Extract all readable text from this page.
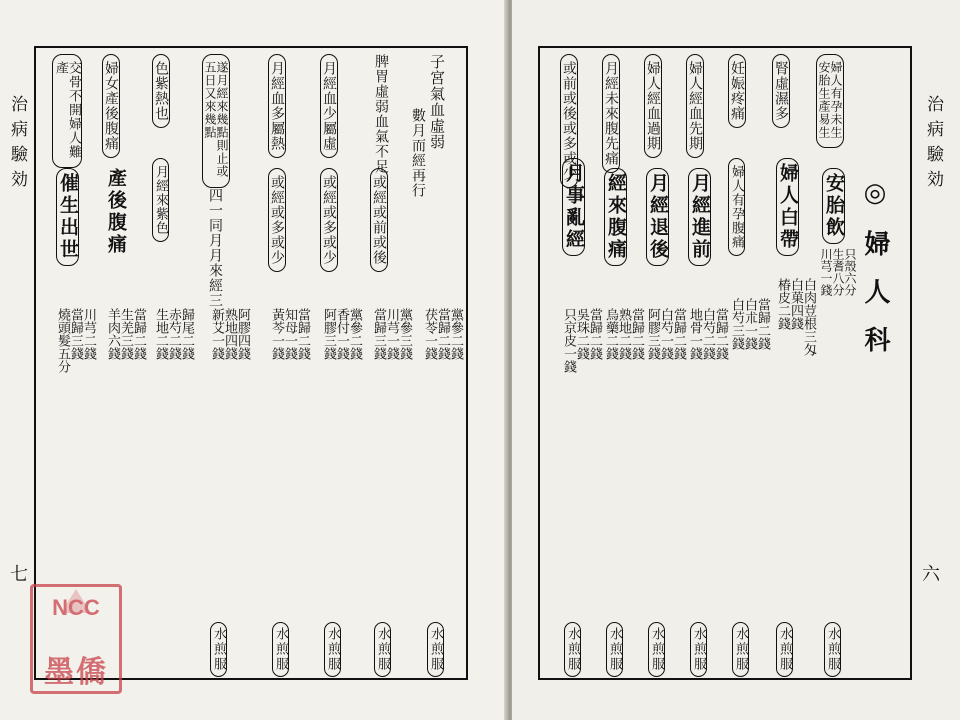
治病驗効
七
子宮氣血虛弱
數月而經再行
黨參二錢
當歸二錢
茯苓一錢
水煎服
脾胃虛弱血氣不足
或經或前或後
黨參三錢
川芎一錢
當歸三錢
水煎服
月經血少屬虛
或經或多或少
黨參二錢
香付一錢
阿膠三錢
水煎服
月經血多屬熱
或經或多或少
當歸二錢
知母一錢
黃芩一錢
水煎服
遂月經來幾點則止或五日又來幾點
四一同月月來經三
阿膠四錢
熟地四錢
新艾一錢
水煎服
色紫熱也
月經來紫色
歸尾二錢
赤芍二錢
生地二錢
婦女產後腹痛
產後腹痛
當歸二錢
生羌三錢
羊肉六錢
交骨不開婦人難產
催生出世
川芎二錢
當歸三錢
燒頭髮五分
NCC
墨僑
治病驗効
六
◎婦人科
婦人有孕未生安胎生產易生
安胎飲
只殼六分
生耆八分
川芎一錢
水煎服
腎虛濕多
婦人白帶
白肉荳根三匁
白菓四錢
椿皮二錢
水煎服
妊娠疼痛
婦人有孕腹痛
當歸二錢
白朮一錢
白芍三錢
水煎服
婦人經血先期
月經進前
當歸二錢
白芍二錢
地骨一錢
水煎服
婦人經血過期
月經退後
當歸二錢
白芍一錢
阿膠三錢
水煎服
月經未來腹先痛
經來腹痛
當歸二錢
熟地二錢
烏藥二錢
水煎服
或前或後或多或少
月事亂經
當歸二錢
吳珠二錢
只京皮一錢
水煎服
